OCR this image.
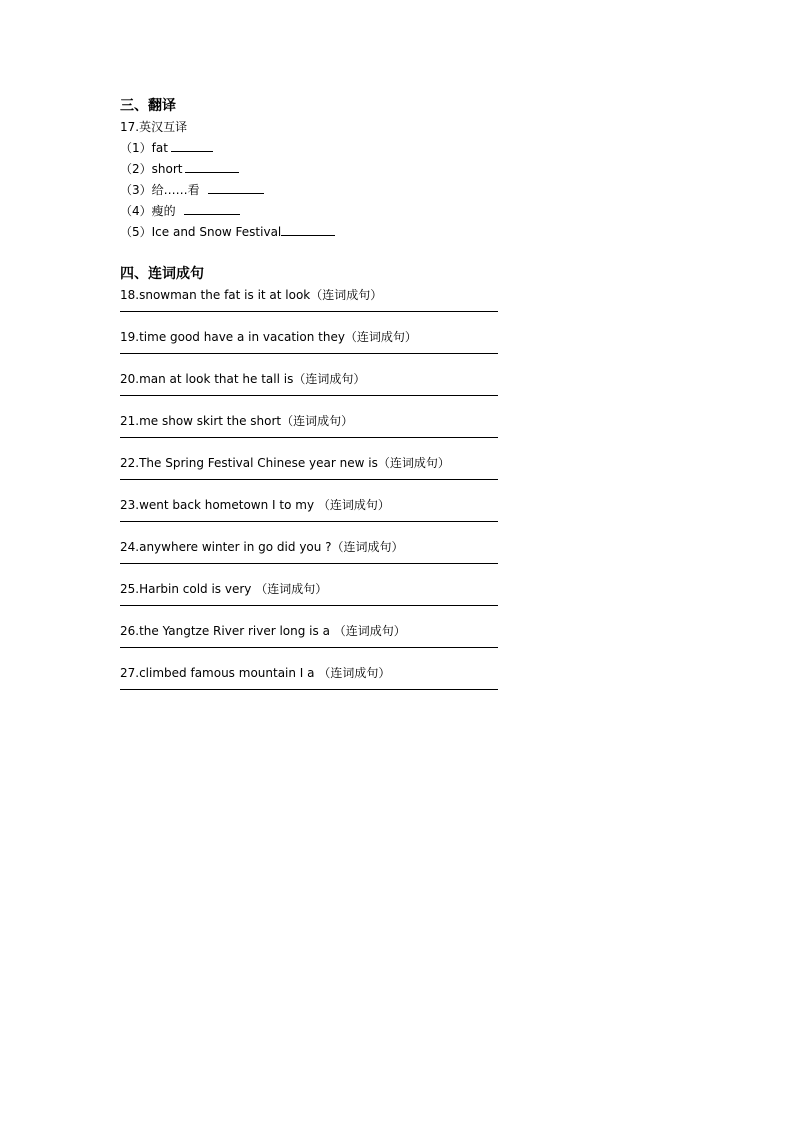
三、翻译
17.英汉互译
（1）fat
（2）short
（3）给……看
（4）瘦的
（5）Ice and Snow Festival
四、连词成句
18.snowman the fat is it at look（连词成句）
19.time good have a in vacation they（连词成句）
20.man at look that he tall is（连词成句）
21.me show skirt the short（连词成句）
22.The Spring Festival Chinese year new is（连词成句）
23.went back hometown I to my （连词成句）
24.anywhere winter in go did you ?（连词成句）
25.Harbin cold is very （连词成句）
26.the Yangtze River river long is a （连词成句）
27.climbed famous mountain I a （连词成句）
